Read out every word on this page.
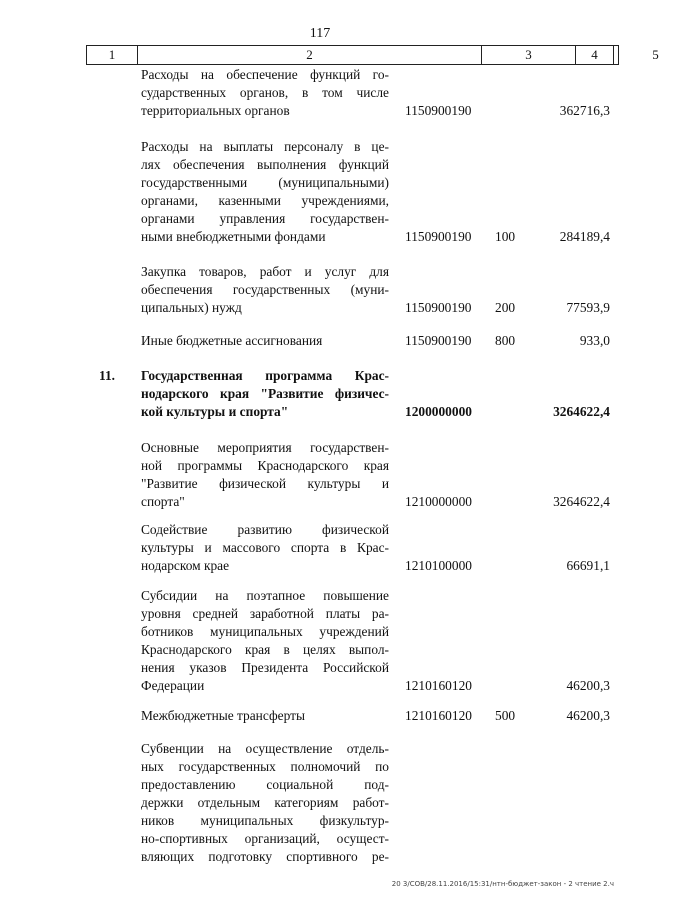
117
1	2	3	4	5
Расходы на обеспечение функций го-
сударственных органов, в том числе
территориальных органов	1150900190	362716,3
Расходы на выплаты персоналу в це-
лях обеспечения выполнения функций
государственными (муниципальными)
органами, казенными учреждениями,
органами управления государствен-
ными внебюджетными фондами	1150900190 100	284189,4
Закупка товаров, работ и услуг для
обеспечения государственных (муни-
ципальных) нужд	1150900190 200	77593,9
Иные бюджетные ассигнования	1150900190 800	933,0
11. Государственная программа Крас-
нодарского края "Развитие физичес-
кой культуры и спорта"	1200000000	3264622,4
Основные мероприятия государствен-
ной программы Краснодарского края
"Развитие физической культуры и
спорта"	1210000000	3264622,4
Содействие развитию физической
культуры и массового спорта в Крас-
нодарском крае	1210100000	66691,1
Субсидии на поэтапное повышение
уровня средней заработной платы ра-
ботников муниципальных учреждений
Краснодарского края в целях выпол-
нения указов Президента Российской
Федерации	1210160120	46200,3
Межбюджетные трансферты	1210160120 500	46200,3
Субвенции на осуществление отдель-
ных государственных полномочий по
предоставлению социальной под-
держки отдельным категориям работ-
ников муниципальных физкультур-
но-спортивных организаций, осущест-
вляющих подготовку спортивного ре-
20 3/СОВ/28.11.2016/15:31/нтн-бюджет-закон - 2 чтение 2.ч
